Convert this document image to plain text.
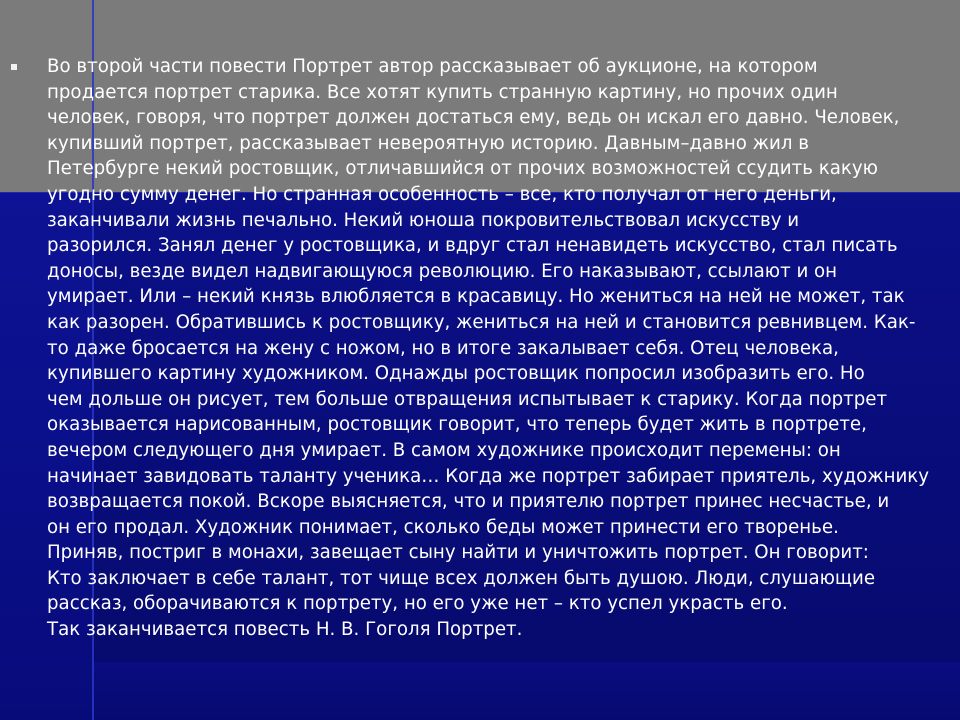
Во второй части повести Портрет автор рассказывает об аукционе, на котором
продается портрет старика. Все хотят купить странную картину, но прочих один
человек, говоря, что портрет должен достаться ему, ведь он искал его давно. Человек,
купивший портрет, рассказывает невероятную историю. Давным–давно жил в
Петербурге некий ростовщик, отличавшийся от прочих возможностей ссудить какую
угодно сумму денег. Но странная особенность – все, кто получал от него деньги,
заканчивали жизнь печально. Некий юноша покровительствовал искусству и
разорился. Занял денег у ростовщика, и вдруг стал ненавидеть искусство, стал писать
доносы, везде видел надвигающуюся революцию. Его наказывают, ссылают и он
умирает. Или – некий князь влюбляется в красавицу. Но жениться на ней не может, так
как разорен. Обратившись к ростовщику, жениться на ней и становится ревнивцем. Как-
то даже бросается на жену с ножом, но в итоге закалывает себя. Отец человека,
купившего картину художником. Однажды ростовщик попросил изобразить его. Но
чем дольше он рисует, тем больше отвращения испытывает к старику. Когда портрет
оказывается нарисованным, ростовщик говорит, что теперь будет жить в портрете,
вечером следующего дня умирает. В самом художнике происходит перемены: он
начинает завидовать таланту ученика… Когда же портрет забирает приятель, художнику
возвращается покой. Вскоре выясняется, что и приятелю портрет принес несчастье, и
он его продал. Художник понимает, сколько беды может принести его творенье.
Приняв, постриг в монахи, завещает сыну найти и уничтожить портрет. Он говорит:
Кто заключает в себе талант, тот чище всех должен быть душою. Люди, слушающие
рассказ, оборачиваются к портрету, но его уже нет – кто успел украсть его.
Так заканчивается повесть Н. В. Гоголя Портрет.
